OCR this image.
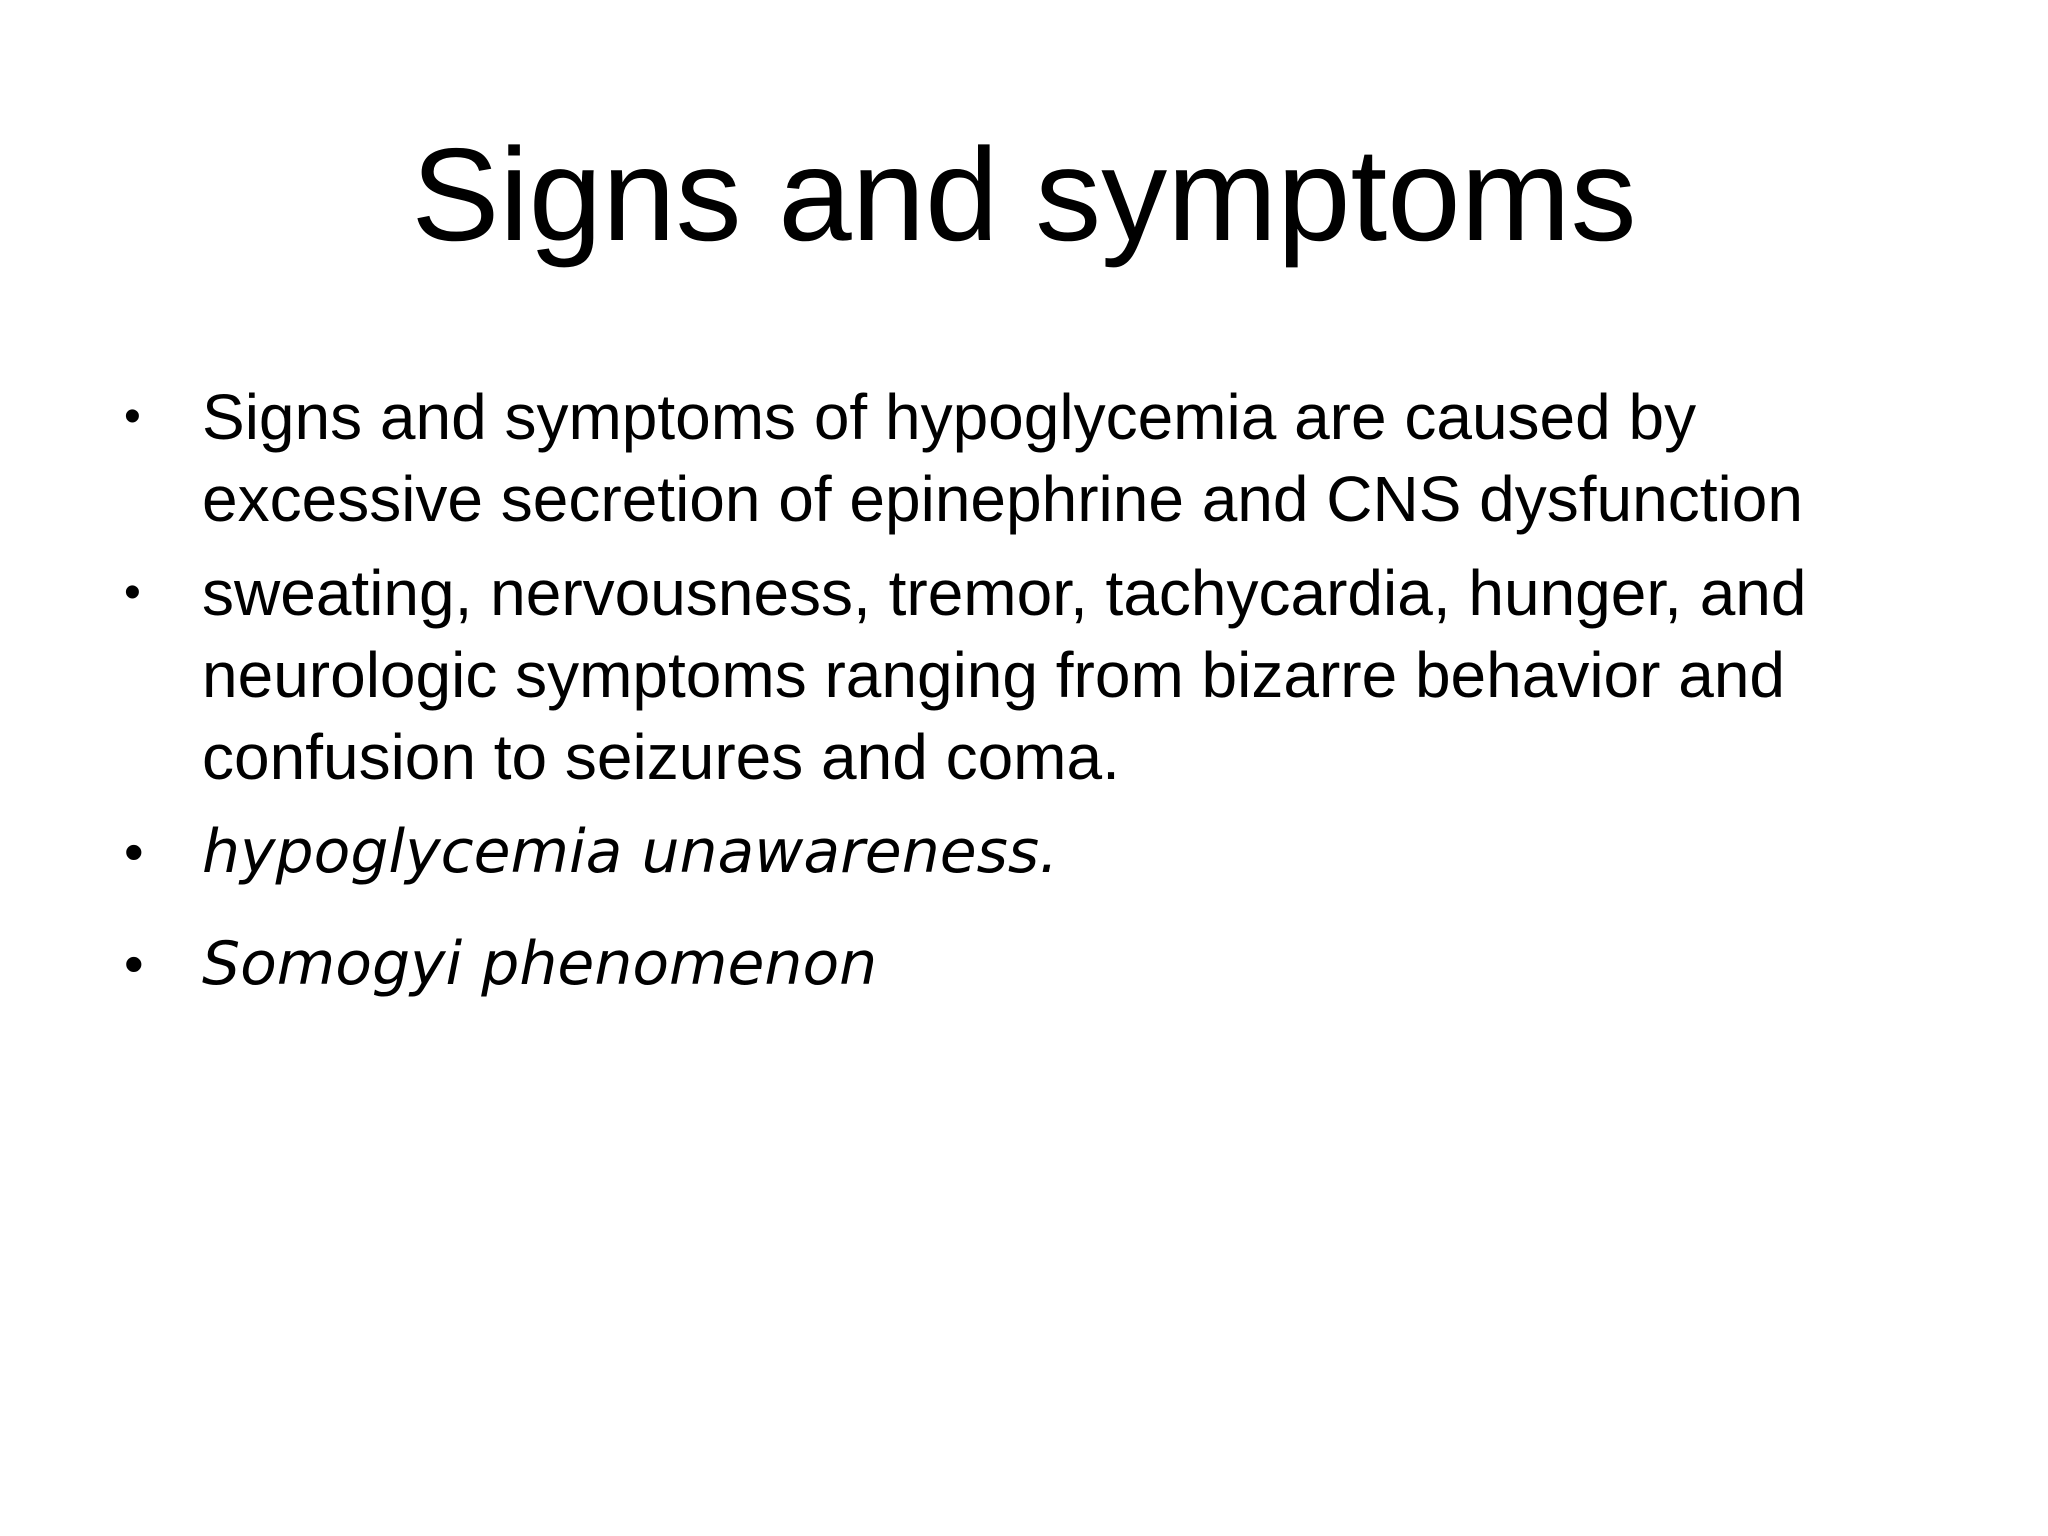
Signs and symptoms
• Signs and symptoms of hypoglycemia are caused by excessive secretion of epinephrine and CNS dysfunction
• sweating, nervousness, tremor, tachycardia, hunger, and neurologic symptoms ranging from bizarre behavior and confusion to seizures and coma.
• hypoglycemia unawareness.
• Somogyi phenomenon
